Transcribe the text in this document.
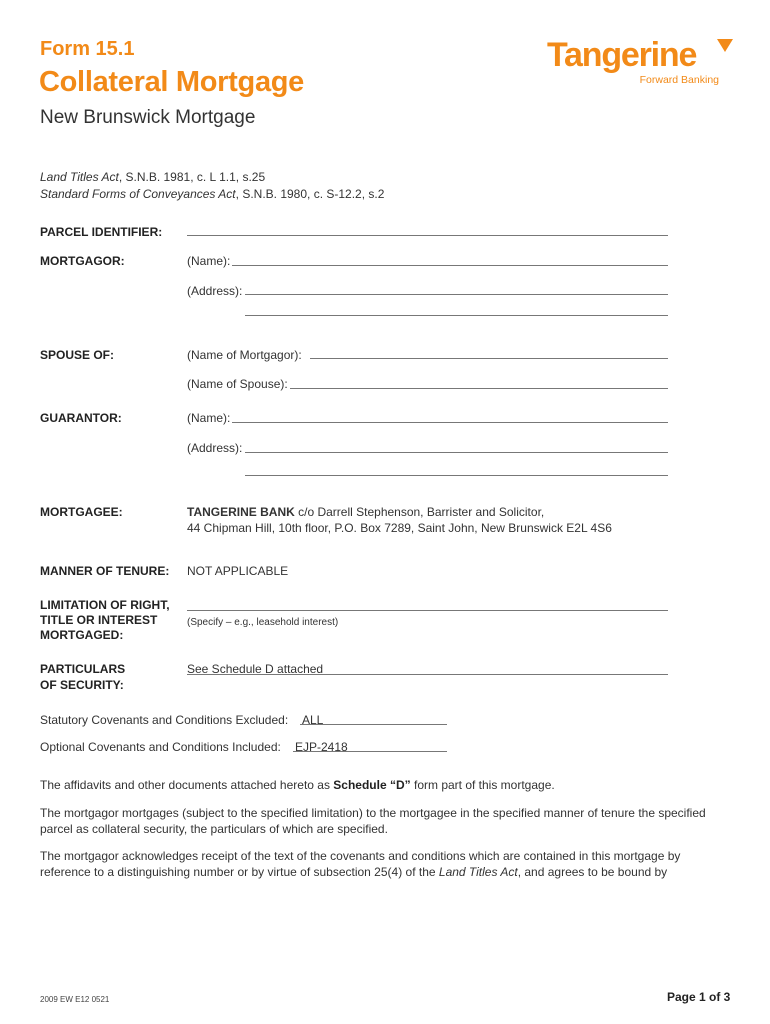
Form 15.1
Collateral Mortgage
New Brunswick Mortgage
Tangerine
Forward Banking
Land Titles Act, S.N.B. 1981, c. L 1.1, s.25
Standard Forms of Conveyances Act, S.N.B. 1980, c. S-12.2, s.2
PARCEL IDENTIFIER:
MORTGAGOR:	(Name):
(Address):
SPOUSE OF:	(Name of Mortgagor):
(Name of Spouse):
GUARANTOR:	(Name):
(Address):
MORTGAGEE:	TANGERINE BANK c/o Darrell Stephenson, Barrister and Solicitor,
44 Chipman Hill, 10th floor, P.O. Box 7289, Saint John, New Brunswick E2L 4S6
MANNER OF TENURE: NOT APPLICABLE
LIMITATION OF RIGHT,
TITLE OR INTEREST
MORTGAGED:
(Specify – e.g., leasehold interest)
PARTICULARS
OF SECURITY:
See Schedule D attached
Statutory Covenants and Conditions Excluded: ALL
Optional Covenants and Conditions Included: EJP-2418
The affidavits and other documents attached hereto as Schedule “D” form part of this mortgage.
The mortgagor mortgages (subject to the specified limitation) to the mortgagee in the specified manner of tenure the specified parcel as collateral security, the particulars of which are specified.
The mortgagor acknowledges receipt of the text of the covenants and conditions which are contained in this mortgage by reference to a distinguishing number or by virtue of subsection 25(4) of the Land Titles Act, and agrees to be bound by
2009 EW E12 0521	Page 1 of 3
